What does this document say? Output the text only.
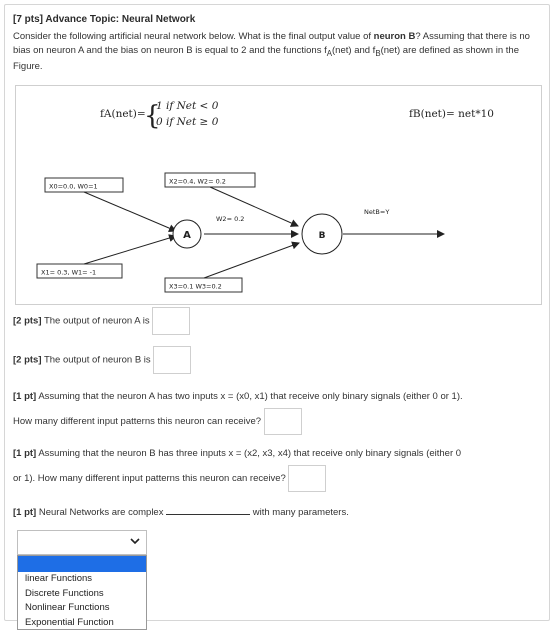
[7 pts] Advance Topic: Neural Network
Consider the following artificial neural network below. What is the final output value of neuron B? Assuming that there is no bias on neuron A and the bias on neuron B is equal to 2 and the functions $f_A(net)$ and $f_B(net)$ are defined as shown in the Figure.
fA(net)=
{
1 if Net < 0
0 if Net ≥ 0
fB(net)= net*10
X0=0.0, W0=1
X1= 0.3, W1= -1
X2=0.4, W2= 0.2
X3=0.1 W3=0.2
W2= 0.2
A	B
NetB=Y
[2 pts] The output of neuron A is
[2 pts] The output of neuron B is
[1 pt] Assuming that the neuron A has two inputs x = (x0, x1) that receive only binary signals (either 0 or 1).
How many different input patterns this neuron can receive?
[1 pt] Assuming that the neuron B has three inputs x = (x2, x3, x4) that receive only binary signals (either 0
or 1). How many different input patterns this neuron can receive?
[1 pt] Neural Networks are complex	with many parameters.
linear Functions
Discrete Functions
Nonlinear Functions
Exponential Function
